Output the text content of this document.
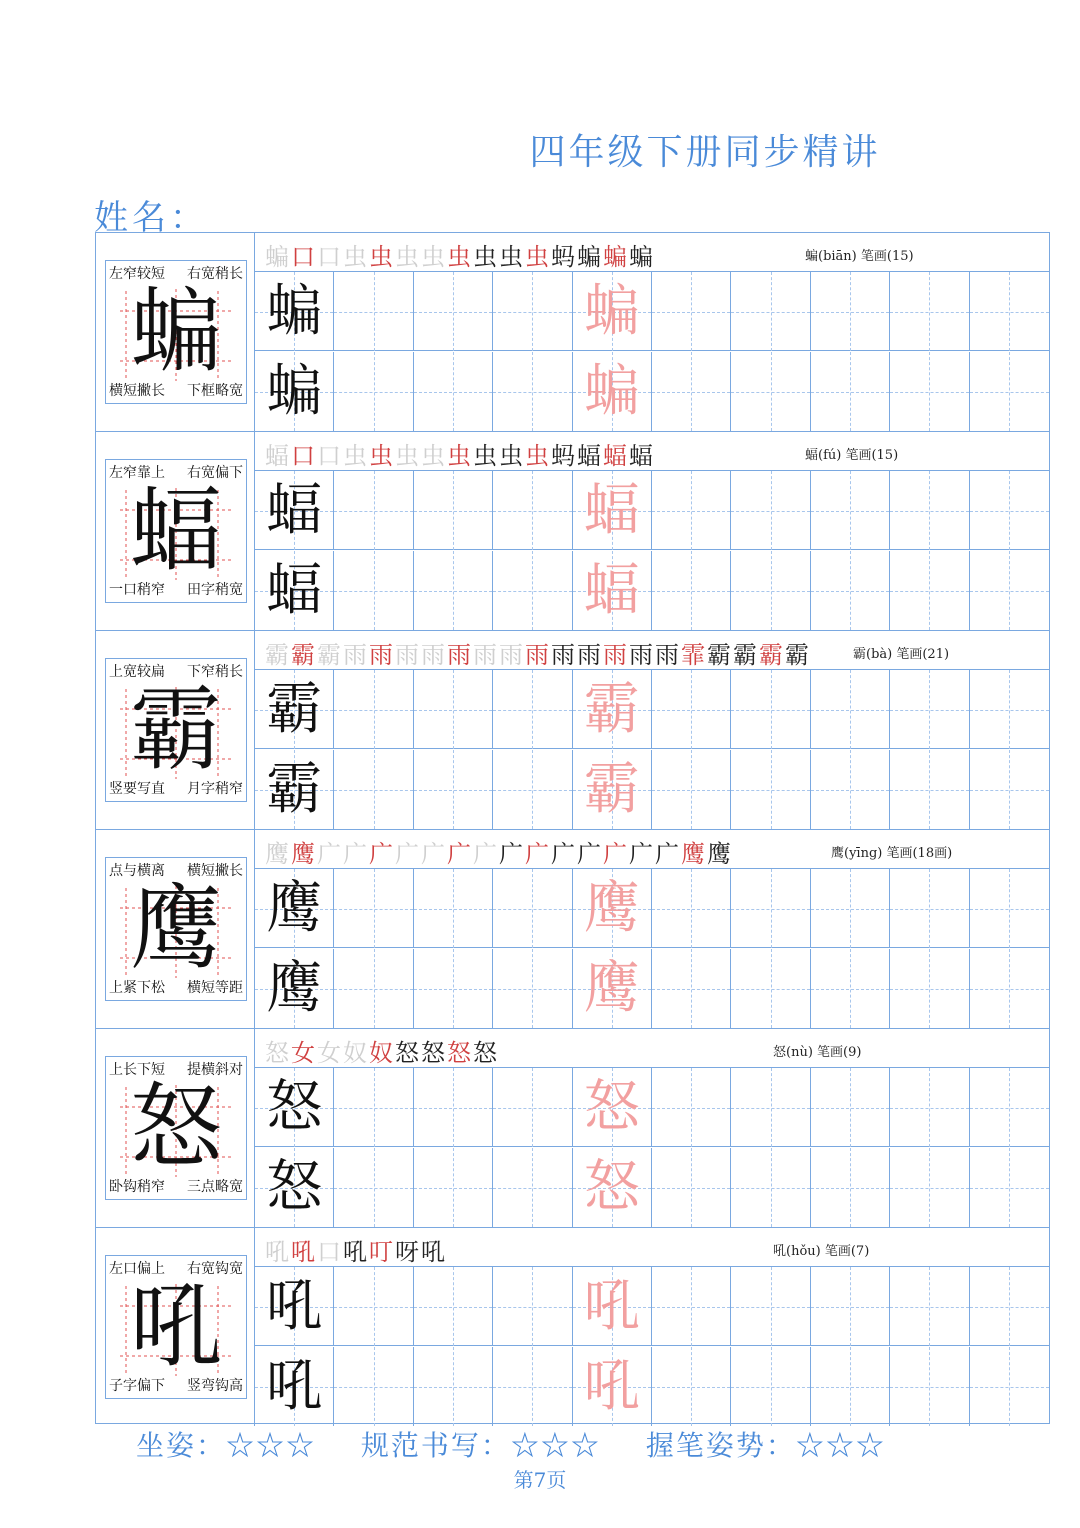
四年级下册同步精讲
姓名：
蝙
左窄较短 右宽稍长
横短撇长 下框略宽
蝙口口虫虫虫虫虫虫虫虫蚂蝙蝙蝙	蝙(biān) 笔画(15)
蝙	蝙
蝙	蝙
蝠
左窄靠上 右宽偏下
一口稍窄 田字稍宽
蝠口口虫虫虫虫虫虫虫虫蚂蝠蝠蝠	蝠(fú) 笔画(15)
蝠	蝠
蝠	蝠
霸
上宽较扁 下窄稍长
竖要写直 月字稍窄
霸霸霸雨雨雨雨雨雨雨雨雨雨雨雨雨霏霸霸霸霸	霸(bà) 笔画(21)
霸	霸
霸	霸
鹰
点与横离 横短撇长
上紧下松 横短等距
鹰鹰广广广广广广广广广广广广广广鹰鹰	鹰(yīng) 笔画(18画)
鹰	鹰
鹰	鹰
怒
上长下短 提横斜对
卧钩稍窄 三点略宽
怒女女奴奴怒怒怒怒	怒(nù) 笔画(9)
怒	怒
怒	怒
吼
左口偏上 右宽钩宽
子字偏下 竖弯钩高
吼吼口吼叮呀吼	吼(hǒu) 笔画(7)
吼	吼
吼	吼
坐姿：☆☆☆ 规范书写：☆☆☆ 握笔姿势：☆☆☆
第7页
